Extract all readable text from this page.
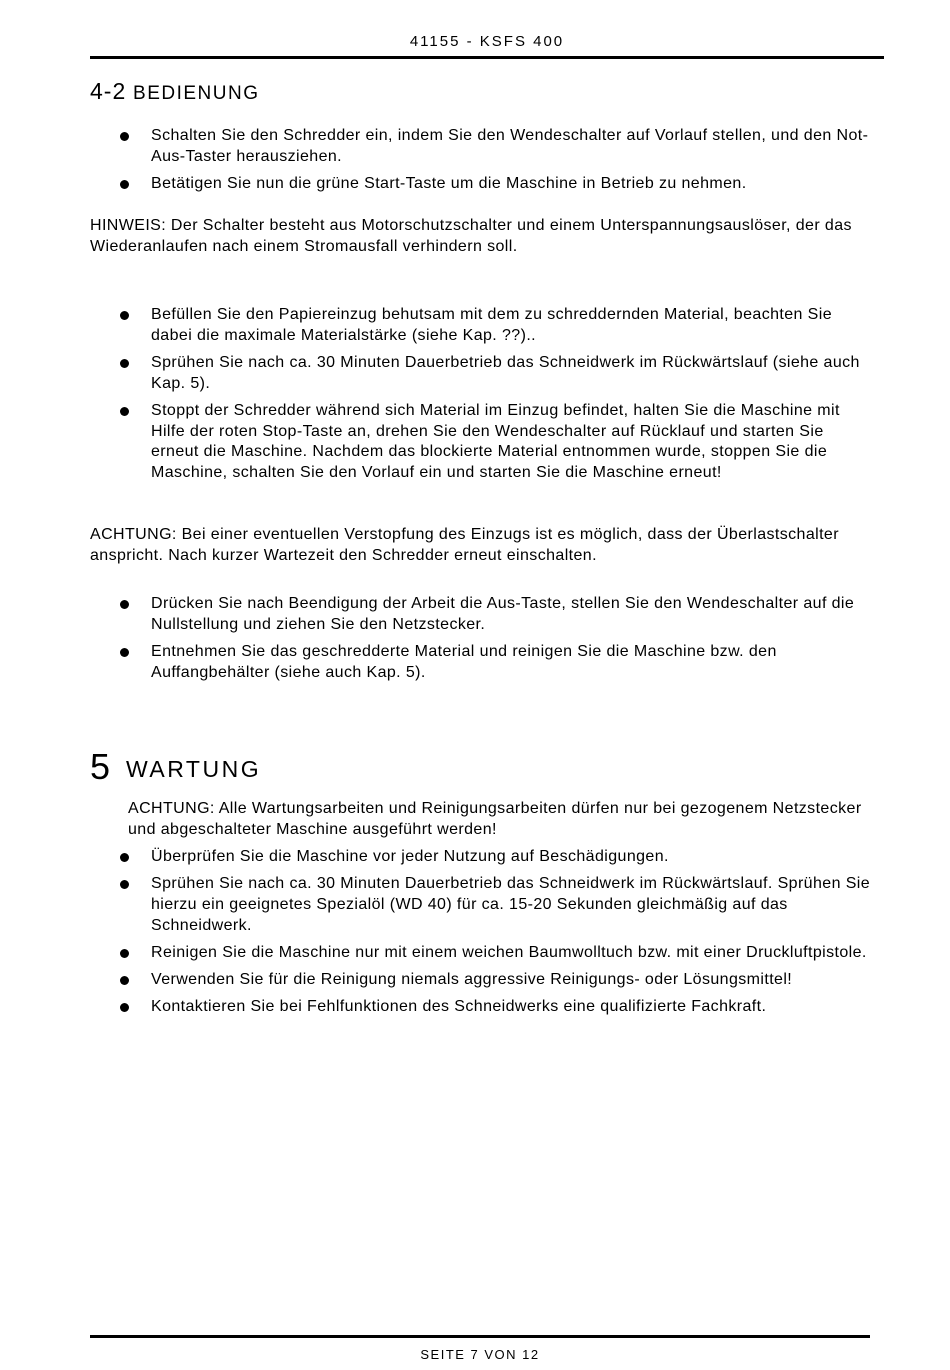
41155 - KSFS 400
4-2 BEDIENUNG
Schalten Sie den Schredder ein, indem Sie den Wendeschalter auf Vorlauf stellen, und den Not-Aus-Taster herausziehen.
Betätigen Sie nun die grüne Start-Taste um die Maschine in Betrieb zu nehmen.

HINWEIS: Der Schalter besteht aus Motorschutzschalter und einem Unterspannungsauslöser, der das Wiederanlaufen nach einem Stromausfall verhindern soll.

Befüllen Sie den Papiereinzug behutsam mit dem zu schreddernden Material, beachten Sie dabei die maximale Materialstärke (siehe Kap. ??)..
Sprühen Sie nach ca. 30 Minuten Dauerbetrieb das Schneidwerk im Rückwärtslauf (siehe auch Kap. 5).
Stoppt der Schredder während sich Material im Einzug befindet, halten Sie die Maschine mit Hilfe der roten Stop-Taste an, drehen Sie den Wendeschalter auf Rücklauf und starten Sie erneut die Maschine. Nachdem das blockierte Material entnommen wurde, stoppen Sie die Maschine, schalten Sie den Vorlauf ein und starten Sie die Maschine erneut!

ACHTUNG: Bei einer eventuellen Verstopfung des Einzugs ist es möglich, dass der Überlastschalter anspricht. Nach kurzer Wartezeit den Schredder erneut einschalten.

Drücken Sie nach Beendigung der Arbeit die Aus-Taste, stellen Sie den Wendeschalter auf die Nullstellung und ziehen Sie den Netzstecker.
Entnehmen Sie das geschredderte Material und reinigen Sie die Maschine bzw. den Auffangbehälter (siehe auch Kap. 5).
5 WARTUNG

ACHTUNG: Alle Wartungsarbeiten und Reinigungsarbeiten dürfen nur bei gezogenem Netzstecker und abgeschalteter Maschine ausgeführt werden!

Überprüfen Sie die Maschine vor jeder Nutzung auf Beschädigungen.
Sprühen Sie nach ca. 30 Minuten Dauerbetrieb das Schneidwerk im Rückwärtslauf. Sprühen Sie hierzu ein geeignetes Spezialöl (WD 40) für ca. 15-20 Sekunden gleichmäßig auf das Schneidwerk.
Reinigen Sie die Maschine nur mit einem weichen Baumwolltuch bzw. mit einer Druckluftpistole.
Verwenden Sie für die Reinigung niemals aggressive Reinigungs- oder Lösungsmittel!
Kontaktieren Sie bei Fehlfunktionen des Schneidwerks eine qualifizierte Fachkraft.
SEITE 7 VON 12
